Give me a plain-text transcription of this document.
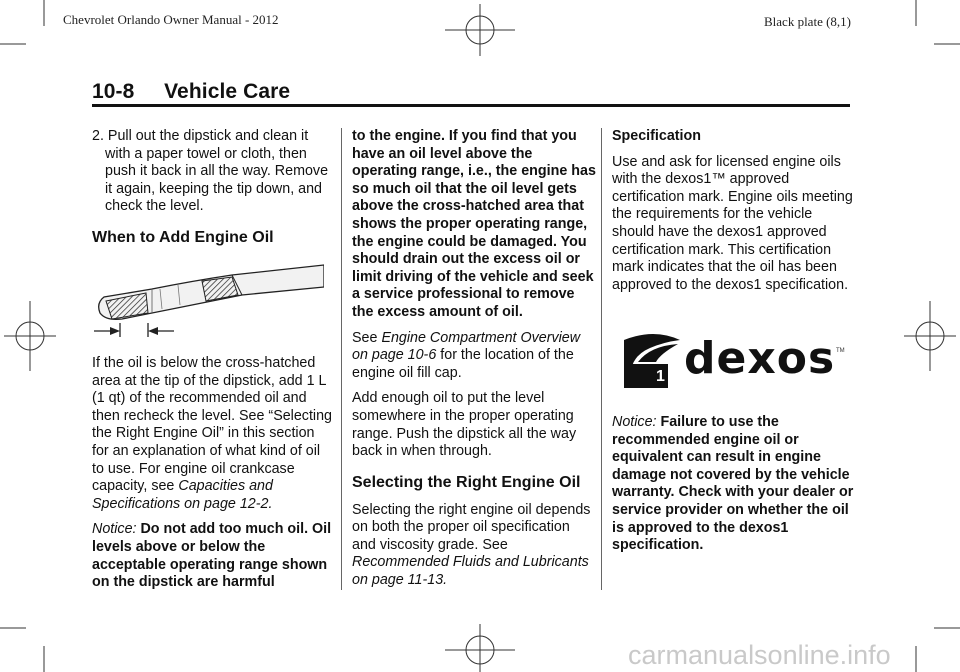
Chevrolet Orlando Owner Manual - 2012	Black plate (8,1)
10-8     Vehicle Care

2. Pull out the dipstick and clean it with a paper towel or cloth, then push it back in all the way. Remove it again, keeping the tip down, and check the level.

When to Add Engine Oil

If the oil is below the cross-hatched area at the tip of the dipstick, add 1 L (1 qt) of the recommended oil and then recheck the level. See “Selecting the Right Engine Oil” in this section for an explanation of what kind of oil to use. For engine oil crankcase capacity, see Capacities and Specifications on page 12-2.

Notice: Do not add too much oil. Oil levels above or below the acceptable operating range shown on the dipstick are harmful

to the engine. If you find that you have an oil level above the operating range, i.e., the engine has so much oil that the oil level gets above the cross-hatched area that shows the proper operating range, the engine could be damaged. You should drain out the excess oil or limit driving of the vehicle and seek a service professional to remove the excess amount of oil.

See Engine Compartment Overview on page 10-6 for the location of the engine oil fill cap.

Add enough oil to put the level somewhere in the proper operating range. Push the dipstick all the way back in when through.

Selecting the Right Engine Oil

Selecting the right engine oil depends on both the proper oil specification and viscosity grade. See Recommended Fluids and Lubricants on page 11-13.

Specification

Use and ask for licensed engine oils with the dexos1™ approved certification mark. Engine oils meeting the requirements for the vehicle should have the dexos1 approved certification mark. This certification mark indicates that the oil has been approved to the dexos1 specification.

1 dexos TM

Notice: Failure to use the recommended engine oil or equivalent can result in engine damage not covered by the vehicle warranty. Check with your dealer or service provider on whether the oil is approved to the dexos1 specification.

carmanualsonline.info
